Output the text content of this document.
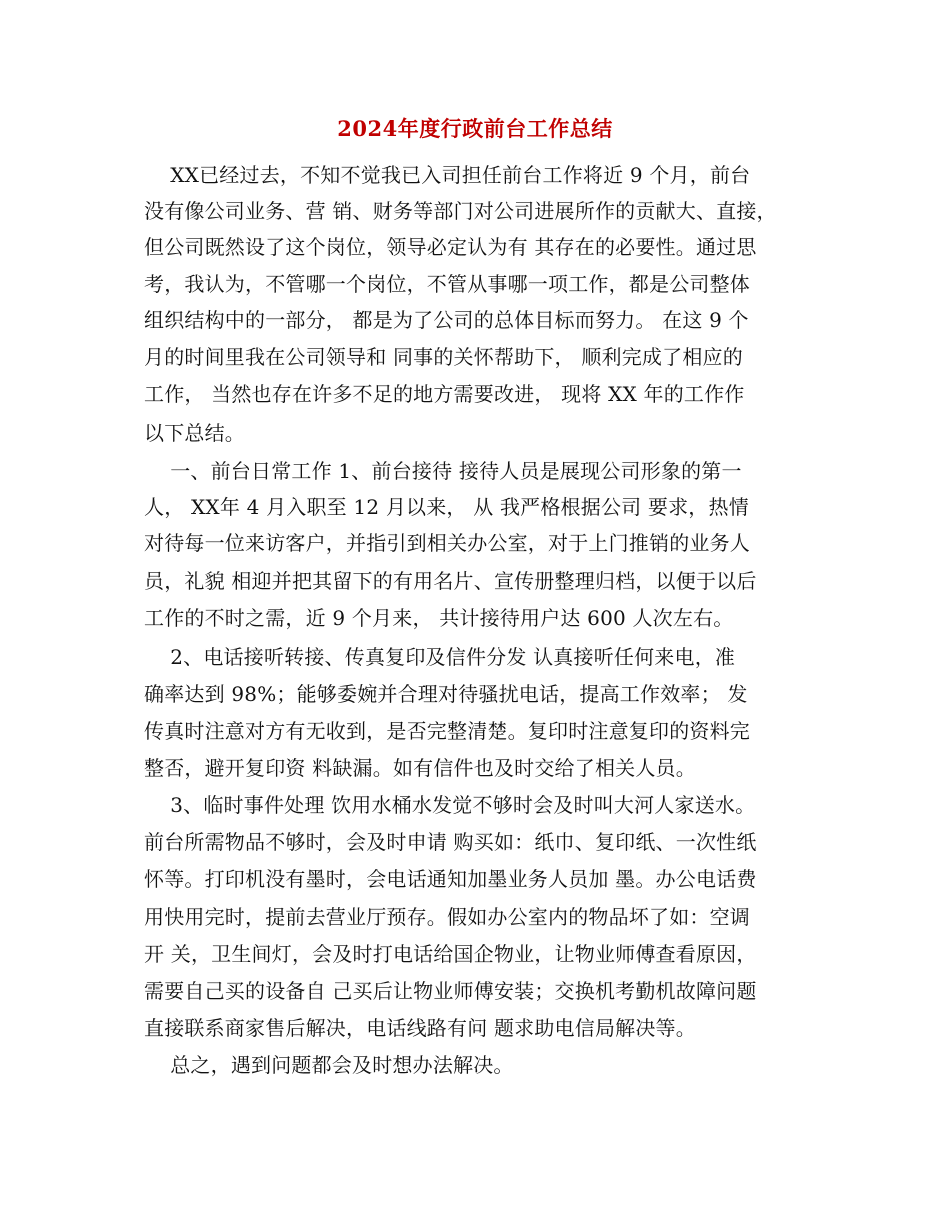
2024年度行政前台工作总结
XX已经过去，不知不觉我已入司担任前台工作将近 9 个月，前台
没有像公司业务、营 销、财务等部门对公司进展所作的贡献大、直接，
但公司既然设了这个岗位，领导必定认为有 其存在的必要性。通过思
考，我认为，不管哪一个岗位，不管从事哪一项工作，都是公司整体
组织结构中的一部分， 都是为了公司的总体目标而努力。 在这 9 个
月的时间里我在公司领导和 同事的关怀帮助下， 顺利完成了相应的
工作， 当然也存在许多不足的地方需要改进， 现将 XX 年的工作作
以下总结。
一、前台日常工作 1、前台接待 接待人员是展现公司形象的第一
人， XX年 4 月入职至 12 月以来， 从 我严格根据公司 要求，热情
对待每一位来访客户，并指引到相关办公室，对于上门推销的业务人
员，礼貌 相迎并把其留下的有用名片、宣传册整理归档，以便于以后
工作的不时之需，近 9 个月来， 共计接待用户达 600 人次左右。
2、电话接听转接、传真复印及信件分发 认真接听任何来电，准
确率达到 98%；能够委婉并合理对待骚扰电话，提高工作效率； 发
传真时注意对方有无收到，是否完整清楚。复印时注意复印的资料完
整否，避开复印资 料缺漏。如有信件也及时交给了相关人员。
3、临时事件处理 饮用水桶水发觉不够时会及时叫大河人家送水。
前台所需物品不够时，会及时申请 购买如：纸巾、复印纸、一次性纸
怀等。打印机没有墨时，会电话通知加墨业务人员加 墨。办公电话费
用快用完时，提前去营业厅预存。假如办公室内的物品坏了如：空调
开 关，卫生间灯，会及时打电话给国企物业，让物业师傅查看原因，
需要自己买的设备自 己买后让物业师傅安装；交换机考勤机故障问题
直接联系商家售后解决，电话线路有问 题求助电信局解决等。
总之，遇到问题都会及时想办法解决。
